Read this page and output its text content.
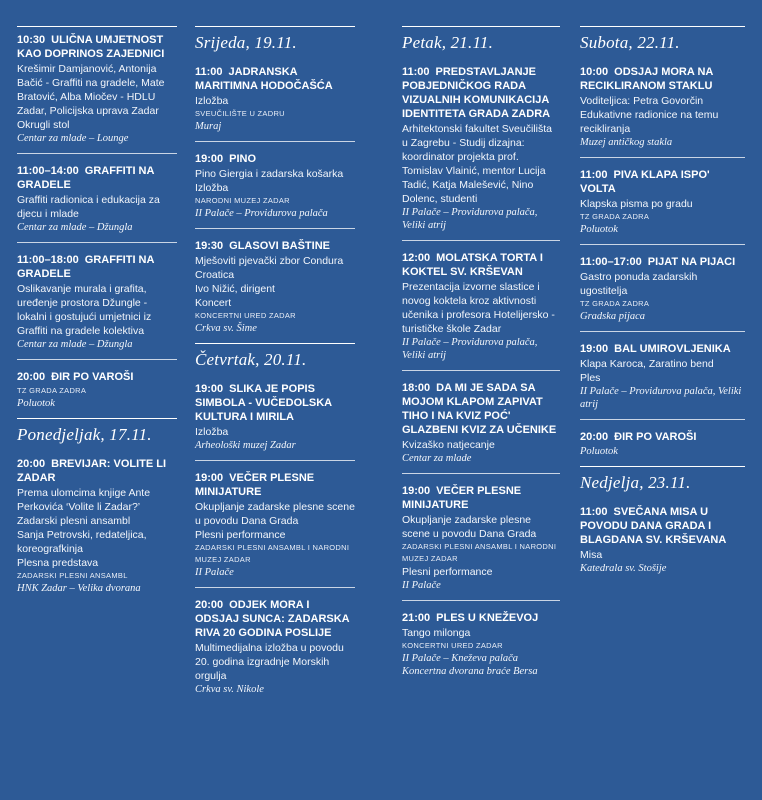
10:30 ULIČNA UMJETNOST KAO DOPRINOS ZAJEDNICI
Krešimir Damjanović, Antonija Bačić - Graffiti na gradele, Mate Bratović, Alba Miočev - HDLU Zadar, Policijska uprava Zadar Okrugli stol
Centar za mlade – Lounge
11:00–14:00 GRAFFITI NA GRADELE
Graffiti radionica i edukacija za djecu i mlade
Centar za mlade – Džungla
11:00–18:00 GRAFFITI NA GRADELE
Oslikavanje murala i grafita, uređenje prostora Džungle - lokalni i gostujući umjetnici iz Graffiti na gradele kolektiva
Centar za mlade – Džungla
20:00 ĐIR PO VAROŠI
TZ GRADA ZADRA
Poluotok
Ponedjeljak, 17.11.
20:00 BREVIJAR: VOLITE LI ZADAR
Prema ulomcima knjige Ante Perkovića ‘Volite li Zadar?’
Zadarski plesni ansambl
Sanja Petrovski, redateljica, koreografkinja
Plesna predstava
ZADARSKI PLESNI ANSAMBL
HNK Zadar – Velika dvorana
Srijeda, 19.11.
11:00 JADRANSKA MARITIMNA HODOČAŠĆA
Izložba
SVEUČILIŠTE U ZADRU
Muraj
19:00 PINO
Pino Giergia i zadarska košarka
Izložba
NARODNI MUZEJ ZADAR
II Palače – Providurova palača
19:30 GLASOVI BAŠTINE
Mješoviti pjevački zbor Condura Croatica
Ivo Nižić, dirigent
Koncert
KONCERTNI URED ZADAR
Crkva sv. Šime
Četvrtak, 20.11.
19:00 SLIKA JE POPIS SIMBOLA - VUČEDOLSKA KULTURA I MIRILA
Izložba
Arheološki muzej Zadar
19:00 VEČER PLESNE MINIJATURE
Okupljanje zadarske plesne scene u povodu Dana Grada
Plesni performance
ZADARSKI PLESNI ANSAMBL I NARODNI MUZEJ ZADAR
II Palače
20:00 ODJEK MORA I ODSJAJ SUNCA: ZADARSKA RIVA 20 GODINA POSLIJE
Multimedijalna izložba u povodu 20. godina izgradnje Morskih orgulja
Crkva sv. Nikole
Petak, 21.11.
11:00 PREDSTAVLJANJE POBJEDNIČKOG RADA VIZUALNIH KOMUNIKACIJA IDENTITETA GRADA ZADRA
Arhitektonski fakultet Sveučilišta u Zagrebu - Studij dizajna: koordinator projekta prof. Tomislav Vlainić, mentor Lucija Tadić, Katja Malešević, Nino Dolenc, studenti
II Palače – Providurova palača, Veliki atrij
12:00 MOLATSKA TORTA I KOKTEL SV. KRŠEVAN
Prezentacija izvorne slastice i novog koktela kroz aktivnosti učenika i profesora Hotelijersko - turističke škole Zadar
II Palače – Providurova palača, Veliki atrij
18:00 DA MI JE SADA SA MOJOM KLAPOM ZAPIVAT TIHO I NA KVIZ POĆ' GLAZBENI KVIZ ZA UČENIKE
Kvizaško natjecanje
Centar za mlade
19:00 VEČER PLESNE MINIJATURE
Okupljanje zadarske plesne scene u povodu Dana Grada
ZADARSKI PLESNI ANSAMBL I NARODNI MUZEJ ZADAR
Plesni performance
II Palače
21:00 PLES U KNEŽEVOJ
Tango milonga
KONCERTNI URED ZADAR
II Palače – Kneževa palača
Koncertna dvorana braće Bersa
Subota, 22.11.
10:00 ODSJAJ MORA NA RECIKLIRANOM STAKLU
Voditeljica: Petra Govorčin
Edukativne radionice na temu recikliranja
Muzej antičkog stakla
11:00 PIVA KLAPA ISPO' VOLTA
Klapska pisma po gradu
TZ GRADA ZADRA
Poluotok
11:00–17:00 PIJAT NA PIJACI
Gastro ponuda zadarskih ugostitelja
TZ GRADA ZADRA
Gradska pijaca
19:00 BAL UMIROVLJENIKA
Klapa Karoca, Zaratino bend
Ples
II Palače – Providurova palača, Veliki atrij
20:00 ĐIR PO VAROŠI
Poluotok
Nedjelja, 23.11.
11:00 SVEČANA MISA U POVODU DANA GRADA I BLAGDANA SV. KRŠEVANA
Misa
Katedrala sv. Stošije
